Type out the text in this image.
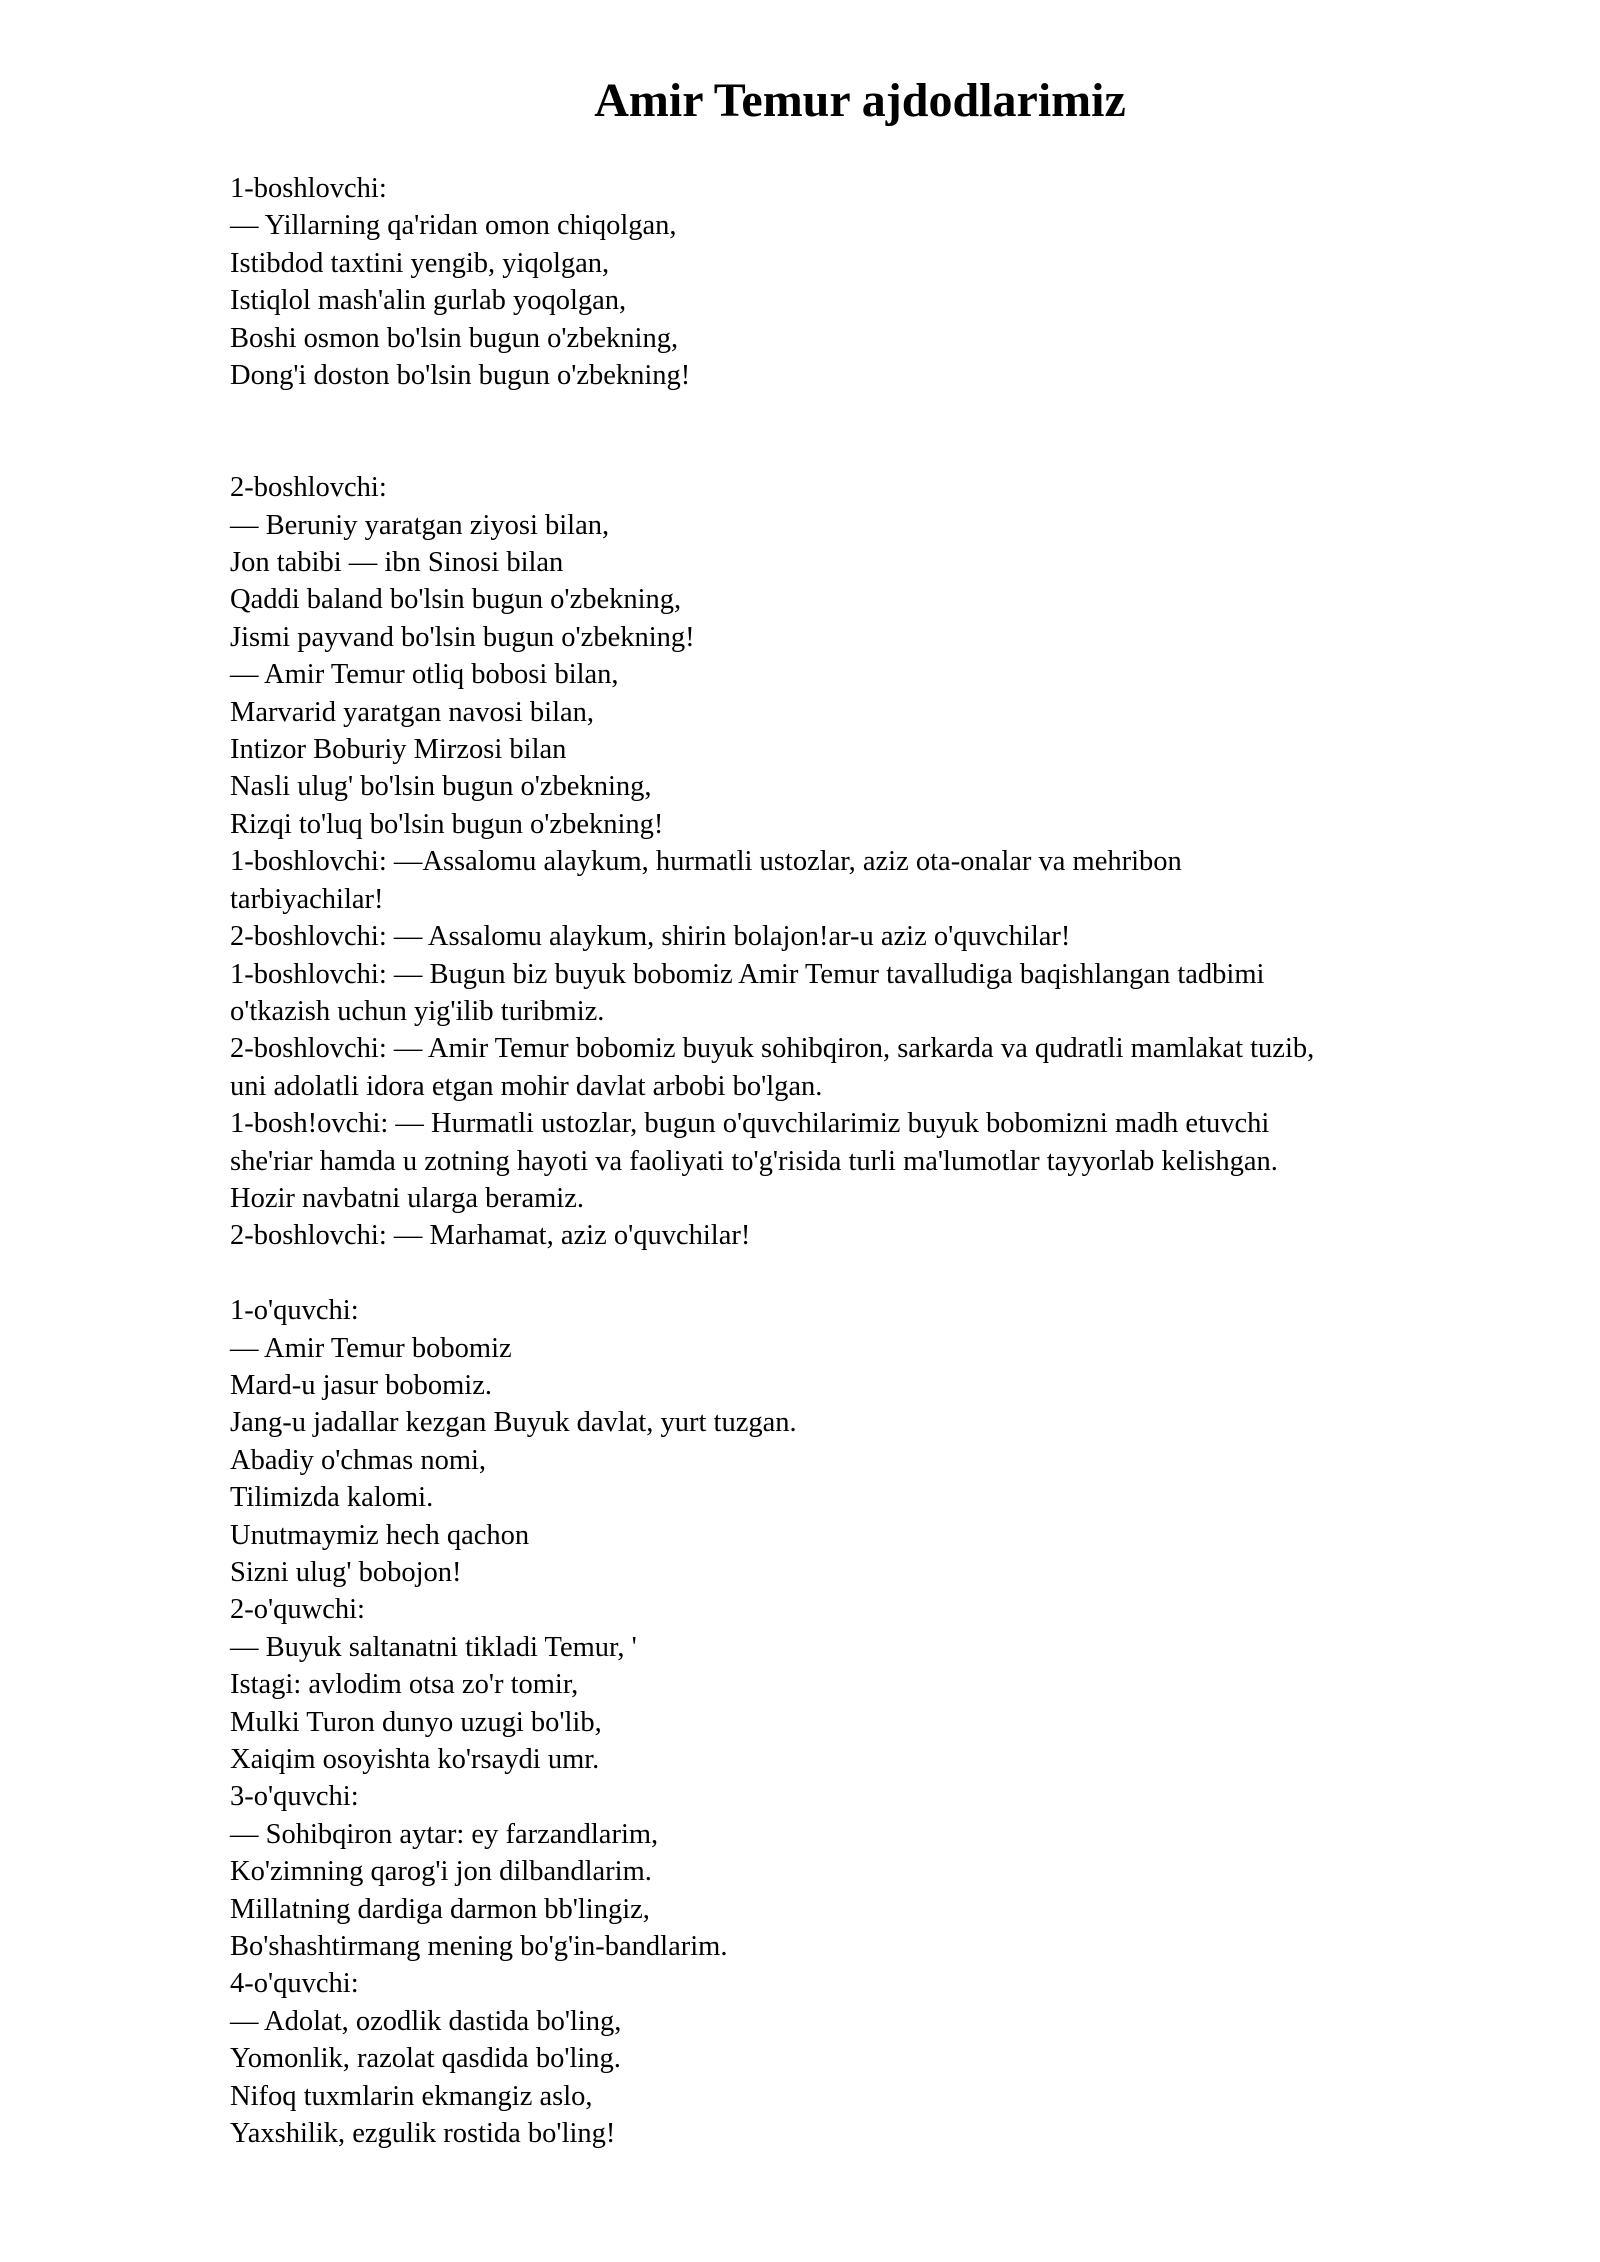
Amir Temur ajdodlarimiz
1-boshlovchi:
— Yillarning qa'ridan omon chiqolgan,
Istibdod taxtini yengib, yiqolgan,
Istiqlol mash'alin gurlab yoqolgan,
Boshi osmon bo'lsin bugun o'zbekning,
Dong'i doston bo'lsin bugun o'zbekning!
2-boshlovchi:
— Beruniy yaratgan ziyosi bilan,
Jon tabibi — ibn Sinosi bilan
Qaddi baland bo'lsin bugun o'zbekning,
Jismi payvand bo'lsin bugun o'zbekning!
— Amir Temur otliq bobosi bilan,
Marvarid yaratgan navosi bilan,
Intizor Boburiy Mirzosi bilan
Nasli ulug' bo'lsin bugun o'zbekning,
Rizqi to'luq bo'lsin bugun o'zbekning!
1-boshlovchi: —Assalomu alaykum, hurmatli ustozlar, aziz ota-onalar va mehribon
tarbiyachilar!
2-boshlovchi: — Assalomu alaykum, shirin bolajon!ar-u aziz o'quvchilar!
1-boshlovchi: — Bugun biz buyuk bobomiz Amir Temur tavalludiga baqishlangan tadbimi
o'tkazish uchun yig'ilib turibmiz.
2-boshlovchi: — Amir Temur bobomiz buyuk sohibqiron, sarkarda va qudratli mamlakat tuzib,
uni adolatli idora etgan mohir davlat arbobi bo'lgan.
1-bosh!ovchi: — Hurmatli ustozlar, bugun o'quvchilarimiz buyuk bobomizni madh etuvchi
she'riar hamda u zotning hayoti va faoliyati to'g'risida turli ma'lumotlar tayyorlab kelishgan.
Hozir navbatni ularga beramiz.
2-boshlovchi: — Marhamat, aziz o'quvchilar!
1-o'quvchi:
— Amir Temur bobomiz
Mard-u jasur bobomiz.
Jang-u jadallar kezgan Buyuk davlat, yurt tuzgan.
Abadiy o'chmas nomi,
Tilimizda kalomi.
Unutmaymiz hech qachon
Sizni ulug' bobojon!
2-o'quwchi:
— Buyuk saltanatni tikladi Temur, '
Istagi: avlodim otsa zo'r tomir,
Mulki Turon dunyo uzugi bo'lib,
Xaiqim osoyishta ko'rsaydi umr.
3-o'quvchi:
— Sohibqiron aytar: ey farzandlarim,
Ko'zimning qarog'i jon dilbandlarim.
Millatning dardiga darmon bb'lingiz,
Bo'shashtirmang mening bo'g'in-bandlarim.
4-o'quvchi:
— Adolat, ozodlik dastida bo'ling,
Yomonlik, razolat qasdida bo'ling.
Nifoq tuxmlarin ekmangiz aslo,
Yaxshilik, ezgulik rostida bo'ling!
